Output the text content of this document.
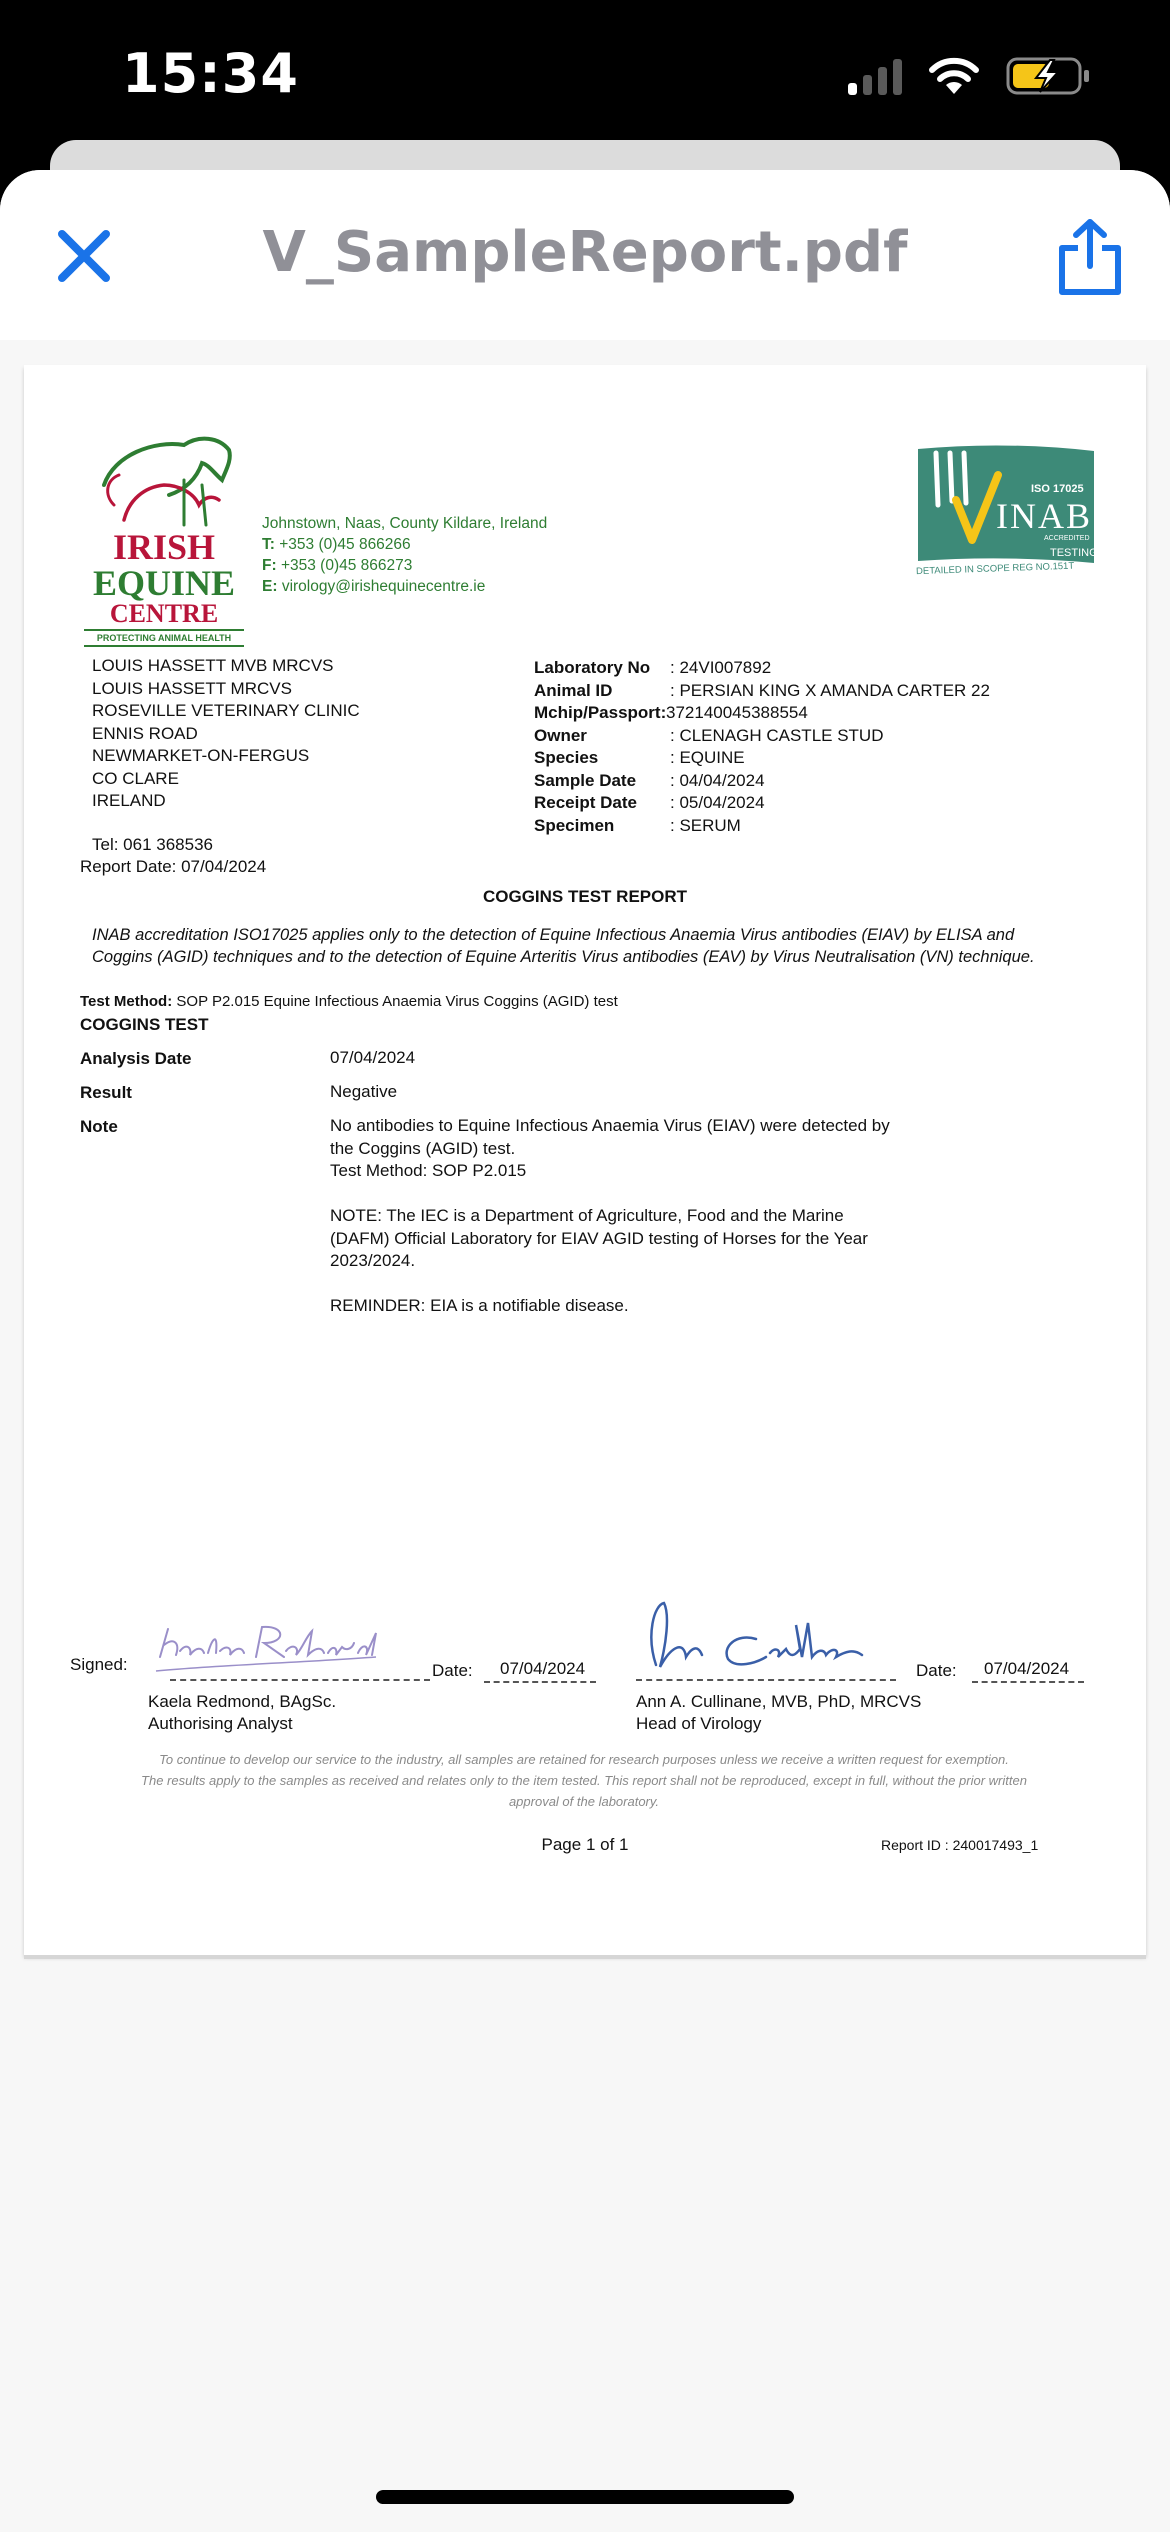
15:34
V_SampleReport.pdf
IRISH
EQUINE
CENTRE
PROTECTING ANIMAL HEALTH
Johnstown, Naas, County Kildare, Ireland
T: +353 (0)45 866266
F: +353 (0)45 866273
E: virology@irishequinecentre.ie
ISO 17025
INAB
ACCREDITED
TESTING
DETAILED IN SCOPE REG NO.151T
LOUIS HASSETT MVB MRCVS
LOUIS HASSETT MRCVS
ROSEVILLE VETERINARY CLINIC
ENNIS ROAD
NEWMARKET-ON-FERGUS
CO CLARE
IRELAND
Tel: 061 368536
Report Date: 07/04/2024
Laboratory No	: 24VI007892
Animal ID	: PERSIAN KING X AMANDA CARTER 22
Mchip/Passport: 372140045388554
Owner	: CLENAGH CASTLE STUD
Species	: EQUINE
Sample Date	: 04/04/2024
Receipt Date	: 05/04/2024
Specimen	: SERUM
COGGINS TEST REPORT
INAB accreditation ISO17025 applies only to the detection of Equine Infectious Anaemia Virus antibodies (EIAV) by ELISA and Coggins (AGID) techniques and to the detection of Equine Arteritis Virus antibodies (EAV) by Virus Neutralisation (VN) technique.
Test Method: SOP P2.015 Equine Infectious Anaemia Virus Coggins (AGID) test
COGGINS TEST
Analysis Date	07/04/2024
Result	Negative
Note	No antibodies to Equine Infectious Anaemia Virus (EIAV) were detected by
the Coggins (AGID) test.
Test Method: SOP P2.015

NOTE: The IEC is a Department of Agriculture, Food and the Marine
(DAFM) Official Laboratory for EIAV AGID testing of Horses for the Year
2023/2024.

REMINDER: EIA is a notifiable disease.
Signed:	Date: 07/04/2024
Kaela Redmond, BAgSc.
Authorising Analyst
Date: 07/04/2024
Ann A. Cullinane, MVB, PhD, MRCVS
Head of Virology
To continue to develop our service to the industry, all samples are retained for research purposes unless we receive a written request for exemption.
The results apply to the samples as received and relates only to the item tested. This report shall not be reproduced, except in full, without the prior written approval of the laboratory.
Page 1 of 1	Report ID : 240017493_1
